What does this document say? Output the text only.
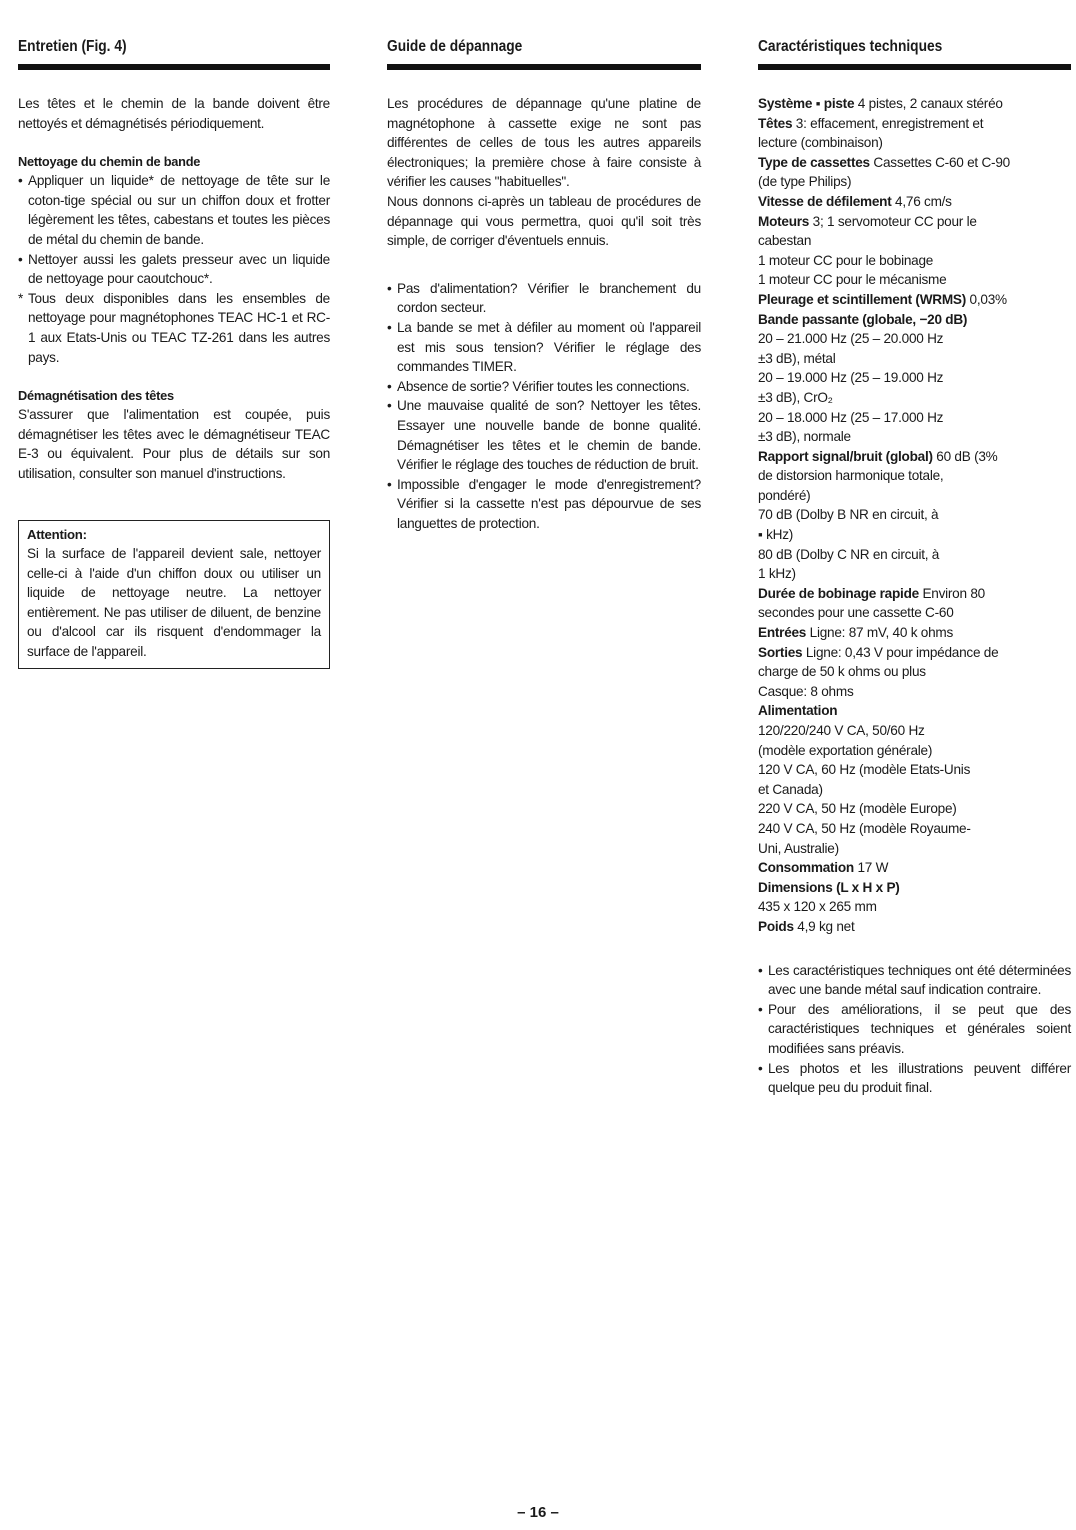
Entretien (Fig. 4)

Les têtes et le chemin de la bande doivent être nettoyés et démagnétisés périodiquement.

Nettoyage du chemin de bande

• Appliquer un liquide* de nettoyage de tête sur le coton-tige spécial ou sur un chiffon doux et frotter légèrement les têtes, cabestans et toutes les pièces de métal du chemin de bande.
• Nettoyer aussi les galets presseur avec un liquide de nettoyage pour caoutchouc*.
* Tous deux disponibles dans les ensembles de nettoyage pour magnétophones TEAC HC-1 et RC-1 aux Etats-Unis ou TEAC TZ-261 dans les autres pays.

Démagnétisation des têtes

S'assurer que l'alimentation est coupée, puis démagnétiser les têtes avec le démagnétiseur TEAC E-3 ou équivalent. Pour plus de détails sur son utilisation, consulter son manuel d'instructions.

Attention:

Si la surface de l'appareil devient sale, nettoyer celle-ci à l'aide d'un chiffon doux ou utiliser un liquide de nettoyage neutre. La nettoyer entièrement. Ne pas utiliser de diluent, de benzine ou d'alcool car ils risquent d'endommager la surface de l'appareil.

Guide de dépannage

Les procédures de dépannage qu'une platine de magnétophone à cassette exige ne sont pas différentes de celles de tous les autres appareils électroniques; la première chose à faire consiste à vérifier les causes "habituelles".

Nous donnons ci-après un tableau de procédures de dépannage qui vous permettra, quoi qu'il soit très simple, de corriger d'éventuels ennuis.

• Pas d'alimentation? Vérifier le branchement du cordon secteur.
• La bande se met à défiler au moment où l'appareil est mis sous tension? Vérifier le réglage des commandes TIMER.
• Absence de sortie? Vérifier toutes les connections.
• Une mauvaise qualité de son? Nettoyer les têtes. Essayer une nouvelle bande de bonne qualité. Démagnétiser les têtes et le chemin de bande. Vérifier le réglage des touches de réduction de bruit.
• Impossible d'engager le mode d'enregistrement? Vérifier si la cassette n'est pas dépourvue de ses languettes de protection.
Caractéristiques techniques
Système ▪ piste 4 pistes, 2 canaux stéréo
Têtes 3: effacement, enregistrement et
lecture (combinaison)
Type de cassettes Cassettes C-60 et C-90
(de type Philips)
Vitesse de défilement 4,76 cm/s
Moteurs 3; 1 servomoteur CC pour le
cabestan
1 moteur CC pour le bobinage
1 moteur CC pour le mécanisme
Pleurage et scintillement (WRMS) 0,03%
Bande passante (globale, −20 dB)
20 – 21.000 Hz (25 – 20.000 Hz
±3 dB), métal
20 – 19.000 Hz (25 – 19.000 Hz
±3 dB), CrO₂
20 – 18.000 Hz (25 – 17.000 Hz
±3 dB), normale
Rapport signal/bruit (global) 60 dB (3%
de distorsion harmonique totale,
pondéré)
70 dB (Dolby B NR en circuit, à
▪ kHz)
80 dB (Dolby C NR en circuit, à
1 kHz)
Durée de bobinage rapide Environ 80
secondes pour une cassette C-60
Entrées Ligne: 87 mV, 40 k ohms
Sorties Ligne: 0,43 V pour impédance de
charge de 50 k ohms ou plus
Casque: 8 ohms
Alimentation
120/220/240 V CA, 50/60 Hz
(modèle exportation générale)
120 V CA, 60 Hz (modèle Etats-Unis
et Canada)
220 V CA, 50 Hz (modèle Europe)
240 V CA, 50 Hz (modèle Royaume-
Uni, Australie)
Consommation 17 W
Dimensions (L x H x P)
435 x 120 x 265 mm
Poids 4,9 kg net
• Les caractéristiques techniques ont été déterminées avec une bande métal sauf indication contraire.
• Pour des améliorations, il se peut que des caractéristiques techniques et générales soient modifiées sans préavis.
• Les photos et les illustrations peuvent différer quelque peu du produit final.
– 16 –
